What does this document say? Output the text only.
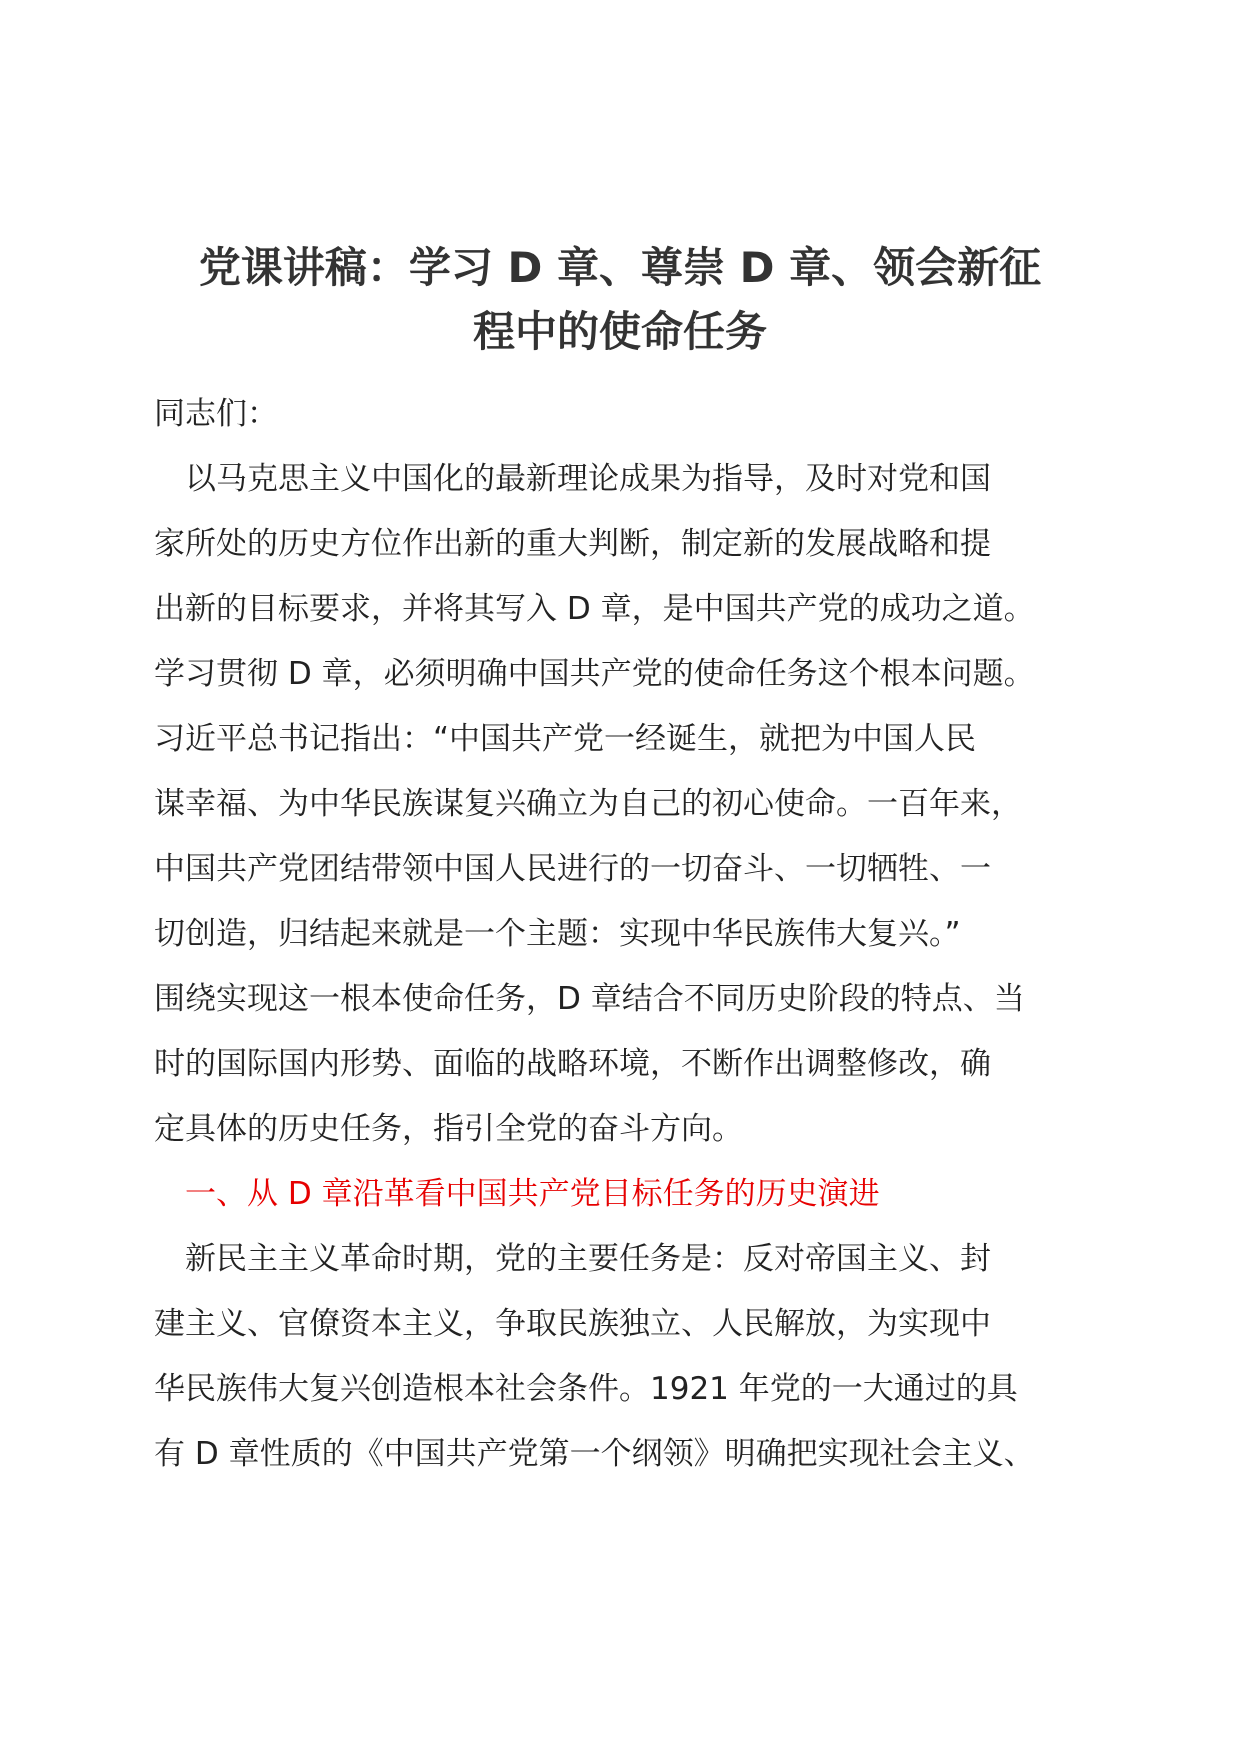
党课讲稿：学习 D 章、尊崇 D 章、领会新征
程中的使命任务
同志们：
以马克思主义中国化的最新理论成果为指导，及时对党和国
家所处的历史方位作出新的重大判断，制定新的发展战略和提
出新的目标要求，并将其写入 D 章，是中国共产党的成功之道。
学习贯彻 D 章，必须明确中国共产党的使命任务这个根本问题。
习近平总书记指出：“中国共产党一经诞生，就把为中国人民
谋幸福、为中华民族谋复兴确立为自己的初心使命。一百年来，
中国共产党团结带领中国人民进行的一切奋斗、一切牺牲、一
切创造，归结起来就是一个主题：实现中华民族伟大复兴。”
围绕实现这一根本使命任务，D 章结合不同历史阶段的特点、当
时的国际国内形势、面临的战略环境，不断作出调整修改，确
定具体的历史任务，指引全党的奋斗方向。
一、从 D 章沿革看中国共产党目标任务的历史演进
新民主主义革命时期，党的主要任务是：反对帝国主义、封
建主义、官僚资本主义，争取民族独立、人民解放，为实现中
华民族伟大复兴创造根本社会条件。1921 年党的一大通过的具
有 D 章性质的《中国共产党第一个纲领》明确把实现社会主义、
